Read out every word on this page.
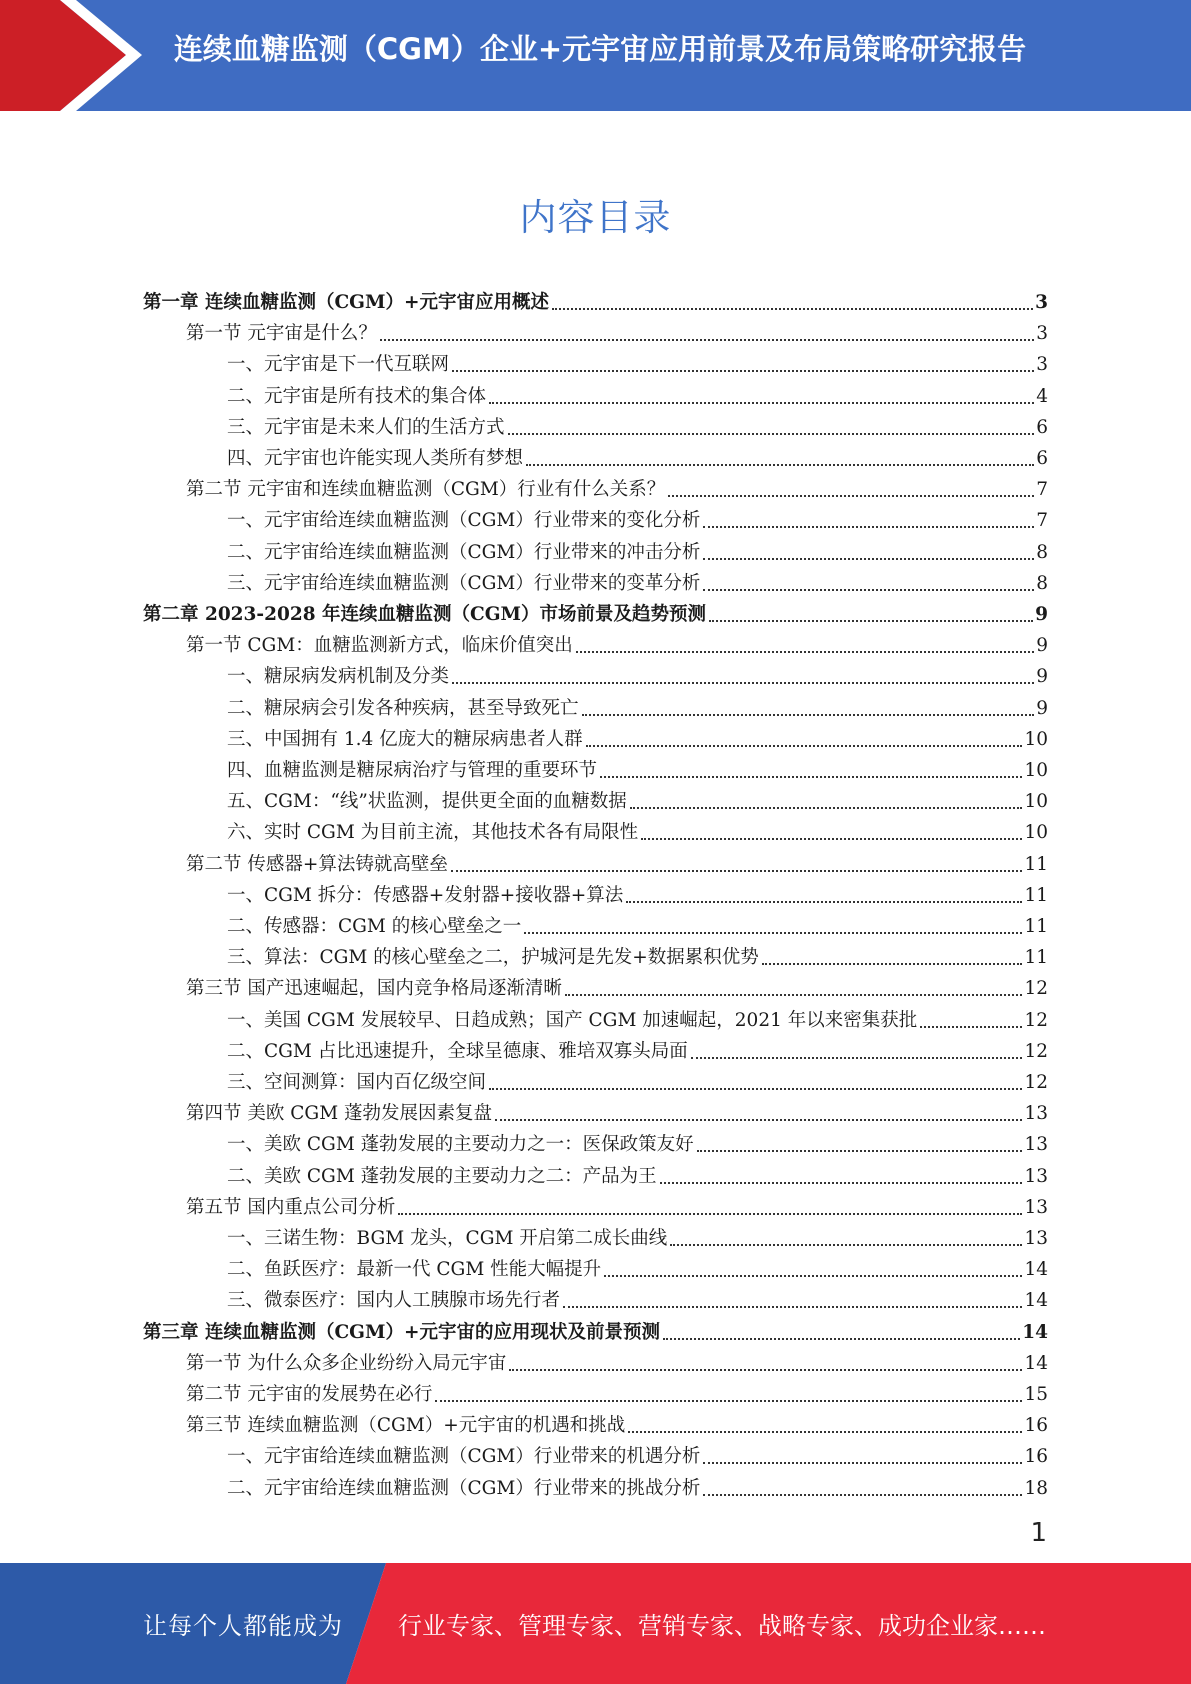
连续血糖监测（CGM）企业+元宇宙应用前景及布局策略研究报告
内容目录
第一章 连续血糖监测（CGM）+元宇宙应用概述	3
第一节 元宇宙是什么？	3
一、元宇宙是下一代互联网	3
二、元宇宙是所有技术的集合体	4
三、元宇宙是未来人们的生活方式	6
四、元宇宙也许能实现人类所有梦想	6
第二节 元宇宙和连续血糖监测（CGM）行业有什么关系？	7
一、元宇宙给连续血糖监测（CGM）行业带来的变化分析	7
二、元宇宙给连续血糖监测（CGM）行业带来的冲击分析	8
三、元宇宙给连续血糖监测（CGM）行业带来的变革分析	8
第二章 2023-2028 年连续血糖监测（CGM）市场前景及趋势预测	9
第一节 CGM：血糖监测新方式，临床价值突出	9
一、糖尿病发病机制及分类	9
二、糖尿病会引发各种疾病，甚至导致死亡	9
三、中国拥有 1.4 亿庞大的糖尿病患者人群	10
四、血糖监测是糖尿病治疗与管理的重要环节	10
五、CGM：“线”状监测，提供更全面的血糖数据	10
六、实时 CGM 为目前主流，其他技术各有局限性	10
第二节 传感器+算法铸就高壁垒	11
一、CGM 拆分：传感器+发射器+接收器+算法	11
二、传感器：CGM 的核心壁垒之一	11
三、算法：CGM 的核心壁垒之二，护城河是先发+数据累积优势	11
第三节 国产迅速崛起，国内竞争格局逐渐清晰	12
一、美国 CGM 发展较早、日趋成熟；国产 CGM 加速崛起，2021 年以来密集获批	12
二、CGM 占比迅速提升，全球呈德康、雅培双寡头局面	12
三、空间测算：国内百亿级空间	12
第四节 美欧 CGM 蓬勃发展因素复盘	13
一、美欧 CGM 蓬勃发展的主要动力之一：医保政策友好	13
二、美欧 CGM 蓬勃发展的主要动力之二：产品为王	13
第五节 国内重点公司分析	13
一、三诺生物：BGM 龙头，CGM 开启第二成长曲线	13
二、鱼跃医疗：最新一代 CGM 性能大幅提升	14
三、微泰医疗：国内人工胰腺市场先行者	14
第三章 连续血糖监测（CGM）+元宇宙的应用现状及前景预测	14
第一节 为什么众多企业纷纷入局元宇宙	14
第二节 元宇宙的发展势在必行	15
第三节 连续血糖监测（CGM）+元宇宙的机遇和挑战	16
一、元宇宙给连续血糖监测（CGM）行业带来的机遇分析	16
二、元宇宙给连续血糖监测（CGM）行业带来的挑战分析	18
1
让每个人都能成为 行业专家、管理专家、营销专家、战略专家、成功企业家……
